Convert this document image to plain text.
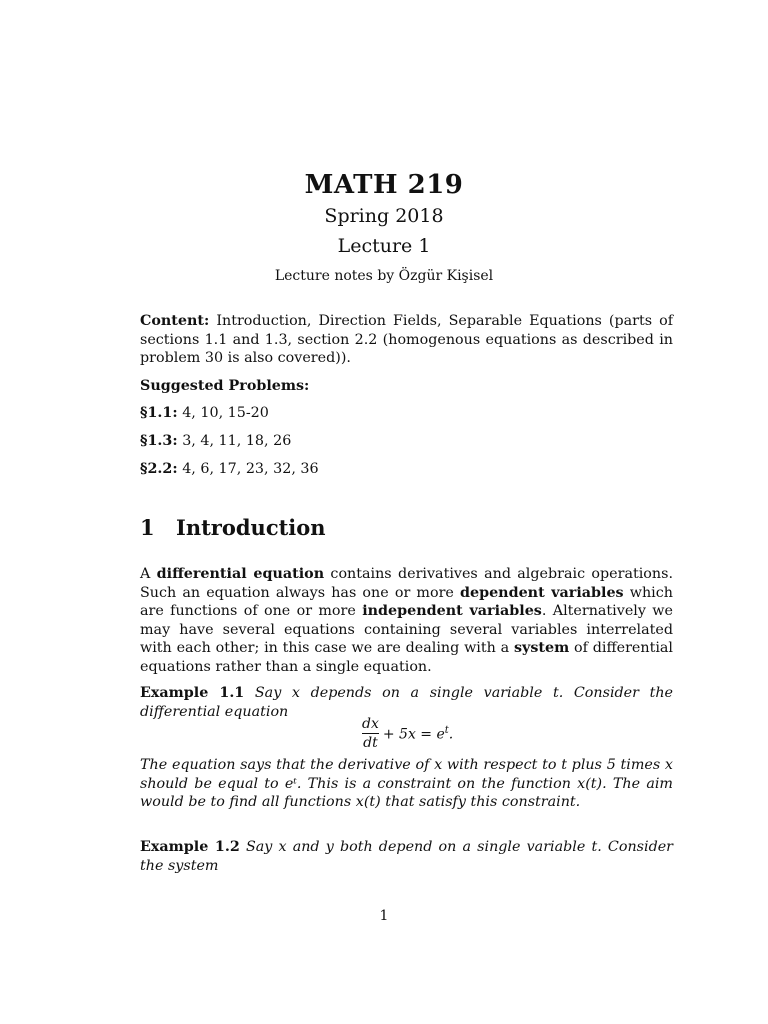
MATH 219
Spring 2018
Lecture 1
Lecture notes by Özgür Kişisel
Content: Introduction, Direction Fields, Separable Equations (parts of sections 1.1 and 1.3, section 2.2 (homogenous equations as described in problem 30 is also covered)).
Suggested Problems:
§1.1: 4, 10, 15-20
§1.3: 3, 4, 11, 18, 26
§2.2: 4, 6, 17, 23, 32, 36
1 Introduction
A differential equation contains derivatives and algebraic operations. Such an equation always has one or more dependent variables which are functions of one or more independent variables. Alternatively we may have several equations containing several variables interrelated with each other; in this case we are dealing with a system of differential equations rather than a single equation.
Example 1.1 Say x depends on a single variable t. Consider the differential equation
$\frac{dx}{dt} + 5x = e^t$.
The equation says that the derivative of x with respect to t plus 5 times x should be equal to eᵗ. This is a constraint on the function x(t). The aim would be to find all functions x(t) that satisfy this constraint.
Example 1.2 Say x and y both depend on a single variable t. Consider the system
1
